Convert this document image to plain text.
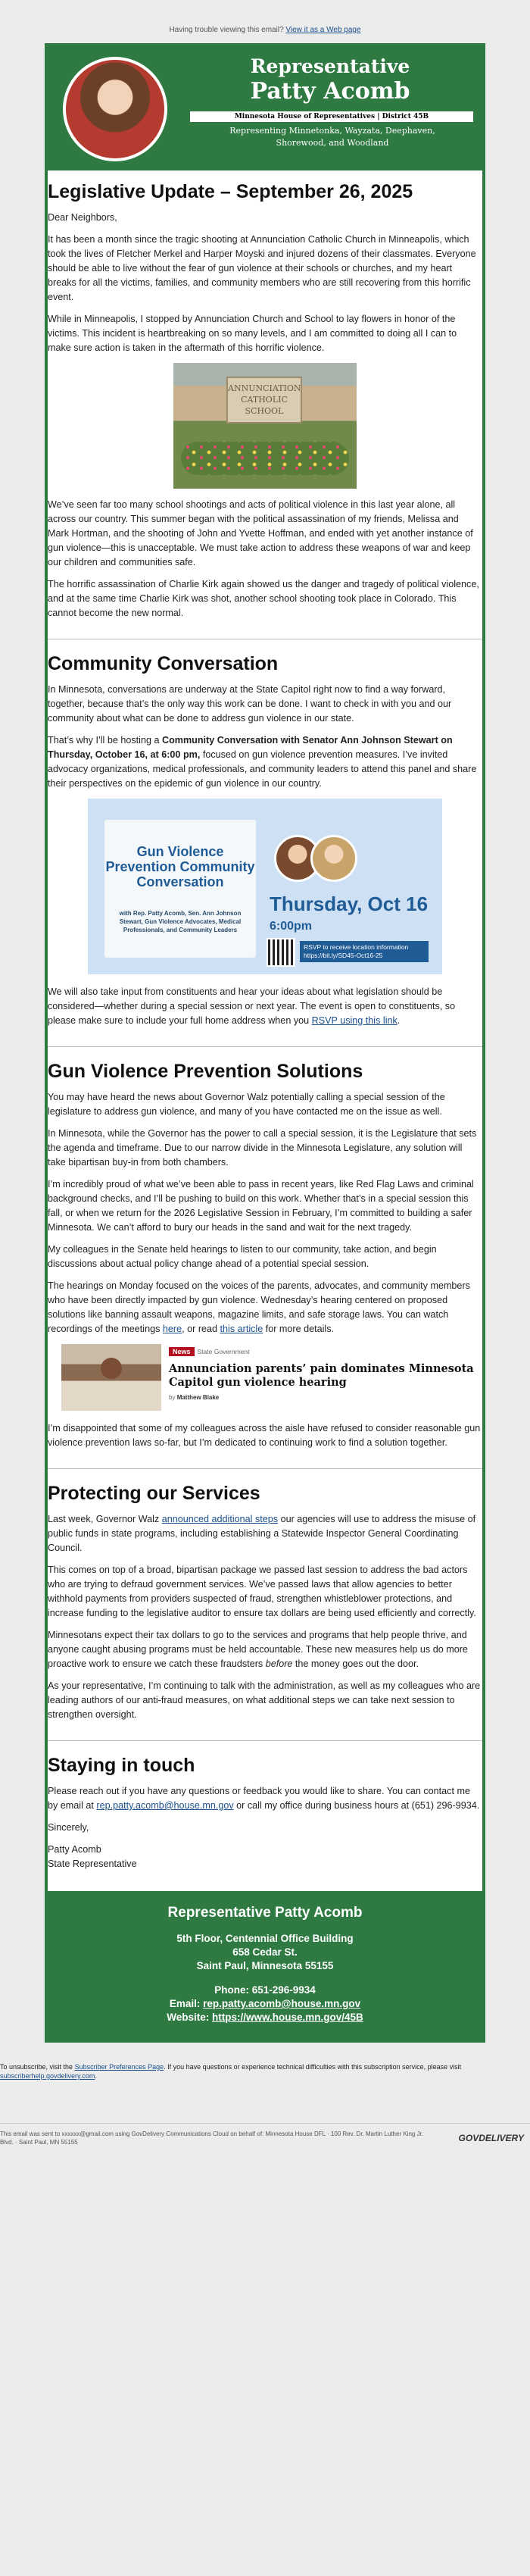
Having trouble viewing this email? View it as a Web page
Representative
Patty Acomb
Minnesota House of Representatives | District 45B
Representing Minnetonka, Wayzata, Deephaven,
Shorewood, and Woodland
Legislative Update – September 26, 2025

Dear Neighbors,

It has been a month since the tragic shooting at Annunciation Catholic Church in Minneapolis, which took the lives of Fletcher Merkel and Harper Moyski and injured dozens of their classmates. Everyone should be able to live without the fear of gun violence at their schools or churches, and my heart breaks for all the victims, families, and community members who are still recovering from this horrific event.

While in Minneapolis, I stopped by Annunciation Church and School to lay flowers in honor of the victims. This incident is heartbreaking on so many levels, and I am committed to doing all I can to make sure action is taken in the aftermath of this horrific violence.

ANNUNCIATION CATHOLIC SCHOOL

We’ve seen far too many school shootings and acts of political violence in this last year alone, all across our country. This summer began with the political assassination of my friends, Melissa and Mark Hortman, and the shooting of John and Yvette Hoffman, and ended with yet another instance of gun violence—this is unacceptable. We must take action to address these weapons of war and keep our children and communities safe.

The horrific assassination of Charlie Kirk again showed us the danger and tragedy of political violence, and at the same time Charlie Kirk was shot, another school shooting took place in Colorado. This cannot become the new normal.

Community Conversation

In Minnesota, conversations are underway at the State Capitol right now to find a way forward, together, because that’s the only way this work can be done. I want to check in with you and our community about what can be done to address gun violence in our state.

That’s why I’ll be hosting a Community Conversation with Senator Ann Johnson Stewart on Thursday, October 16, at 6:00 pm, focused on gun violence prevention measures. I’ve invited advocacy organizations, medical professionals, and community leaders to attend this panel and share their perspectives on the epidemic of gun violence in our country.

Gun Violence Prevention Community Conversation
with Rep. Patty Acomb, Sen. Ann Johnson Stewart, Gun Violence Advocates, Medical Professionals, and Community Leaders
Thursday, Oct 16
6:00pm
RSVP to receive location information https://bit.ly/SD45-Oct16-25

We will also take input from constituents and hear your ideas about what legislation should be considered—whether during a special session or next year. The event is open to constituents, so please make sure to include your full home address when you RSVP using this link.

Gun Violence Prevention Solutions

You may have heard the news about Governor Walz potentially calling a special session of the legislature to address gun violence, and many of you have contacted me on the issue as well.

In Minnesota, while the Governor has the power to call a special session, it is the Legislature that sets the agenda and timeframe. Due to our narrow divide in the Minnesota Legislature, any solution will take bipartisan buy-in from both chambers.

I’m incredibly proud of what we’ve been able to pass in recent years, like Red Flag Laws and criminal background checks, and I’ll be pushing to build on this work. Whether that’s in a special session this fall, or when we return for the 2026 Legislative Session in February, I’m committed to building a safer Minnesota. We can’t afford to bury our heads in the sand and wait for the next tragedy.

My colleagues in the Senate held hearings to listen to our community, take action, and begin discussions about actual policy change ahead of a potential special session.

The hearings on Monday focused on the voices of the parents, advocates, and community members who have been directly impacted by gun violence. Wednesday’s hearing centered on proposed solutions like banning assault weapons, magazine limits, and safe storage laws. You can watch recordings of the meetings here, or read this article for more details.

News State Government
Annunciation parents’ pain dominates Minnesota Capitol gun violence hearing
by Matthew Blake

I’m disappointed that some of my colleagues across the aisle have refused to consider reasonable gun violence prevention laws so-far, but I’m dedicated to continuing work to find a solution together.

Protecting our Services

Last week, Governor Walz announced additional steps our agencies will use to address the misuse of public funds in state programs, including establishing a Statewide Inspector General Coordinating Council.

This comes on top of a broad, bipartisan package we passed last session to address the bad actors who are trying to defraud government services. We’ve passed laws that allow agencies to better withhold payments from providers suspected of fraud, strengthen whistleblower protections, and increase funding to the legislative auditor to ensure tax dollars are being used efficiently and correctly.

Minnesotans expect their tax dollars to go to the services and programs that help people thrive, and anyone caught abusing programs must be held accountable. These new measures help us do more proactive work to ensure we catch these fraudsters before the money goes out the door.

As your representative, I’m continuing to talk with the administration, as well as my colleagues who are leading authors of our anti-fraud measures, on what additional steps we can take next session to strengthen oversight.

Staying in touch

Please reach out if you have any questions or feedback you would like to share. You can contact me by email at rep.patty.acomb@house.mn.gov or call my office during business hours at (651) 296-9934.

Sincerely,

Patty Acomb

State Representative

Representative Patty Acomb
5th Floor, Centennial Office Building
658 Cedar St.
Saint Paul, Minnesota 55155
Phone: 651-296-9934
Email: rep.patty.acomb@house.mn.gov
Website: https://www.house.mn.gov/45B
To unsubscribe, visit the Subscriber Preferences Page. If you have questions or experience technical difficulties with this subscription service, please visit subscriberhelp.govdelivery.com.
This email was sent to xxxxxx@gmail.com using GovDelivery Communications Cloud on behalf of: Minnesota House DFL · 100 Rev. Dr. Martin Luther King Jr. Blvd. · Saint Paul, MN 55155	GOVDELIVERY
